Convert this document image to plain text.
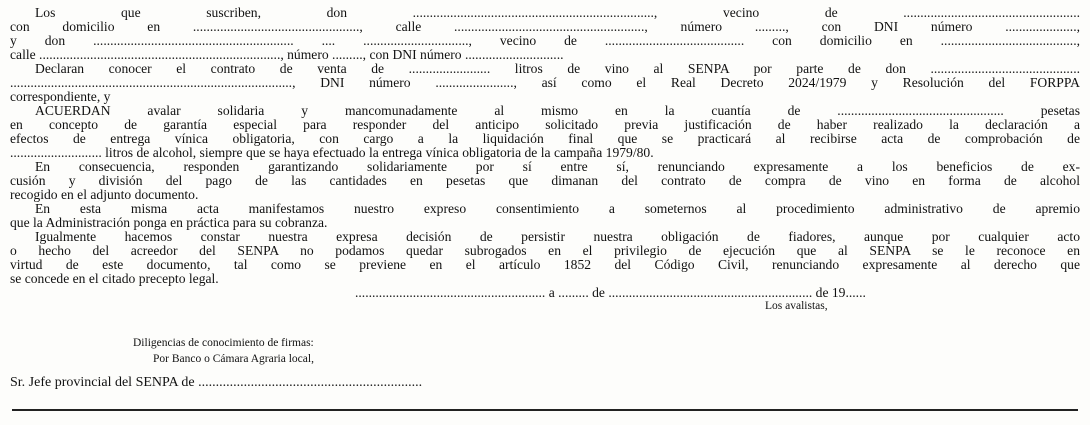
Los que suscriben, don ......................................................................., vecino de ....................................................
con domicilio en ................................................., calle ........................................................, número ........., con DNI número .....................,
y don ........................................................... .... ..............................., vecino de ......................................... con domicilio en ........................................,
calle ......................................................................., número ........., con DNI número .............................
Declaran conocer el contrato de venta de ........................ litros de vino al SENPA por parte de don ............................................
..................................................................................., DNI número ......................., así como el Real Decreto 2024/1979 y Resolución del FORPPA
correspondiente, y
ACUERDAN avalar solidaria y mancomunadamente al mismo en la cuantía de ................................................. pesetas
en concepto de garantía especial para responder del anticipo solicitado previa justificación de haber realizado la declaración a
efectos de entrega vínica obligatoria, con cargo a la liquidación final que se practicará al recibirse acta de comprobación de
........................... litros de alcohol, siempre que se haya efectuado la entrega vínica obligatoria de la campaña 1979/80.
En consecuencia, responden garantizando solidariamente por sí entre sí, renunciando expresamente a los beneficios de ex-
cusión y división del pago de las cantidades en pesetas que dimanan del contrato de compra de vino en forma de alcohol
recogido en el adjunto documento.
En esta misma acta manifestamos nuestro expreso consentimiento a someternos al procedimiento administrativo de apremio
que la Administración ponga en práctica para su cobranza.
Igualmente hacemos constar nuestra expresa decisión de persistir nuestra obligación de fiadores, aunque por cualquier acto
o hecho del acreedor del SENPA no podamos quedar subrogados en el privilegio de ejecución que al SENPA se le reconoce en
virtud de este documento, tal como se previene en el artículo 1852 del Código Civil, renunciando expresamente al derecho que
se concede en el citado precepto legal.
........................................................ a ......... de ............................................................ de 19......
Los avalistas,
Diligencias de conocimiento de firmas:
Por Banco o Cámara Agraria local,
Sr. Jefe provincial del SENPA de ................................................................
